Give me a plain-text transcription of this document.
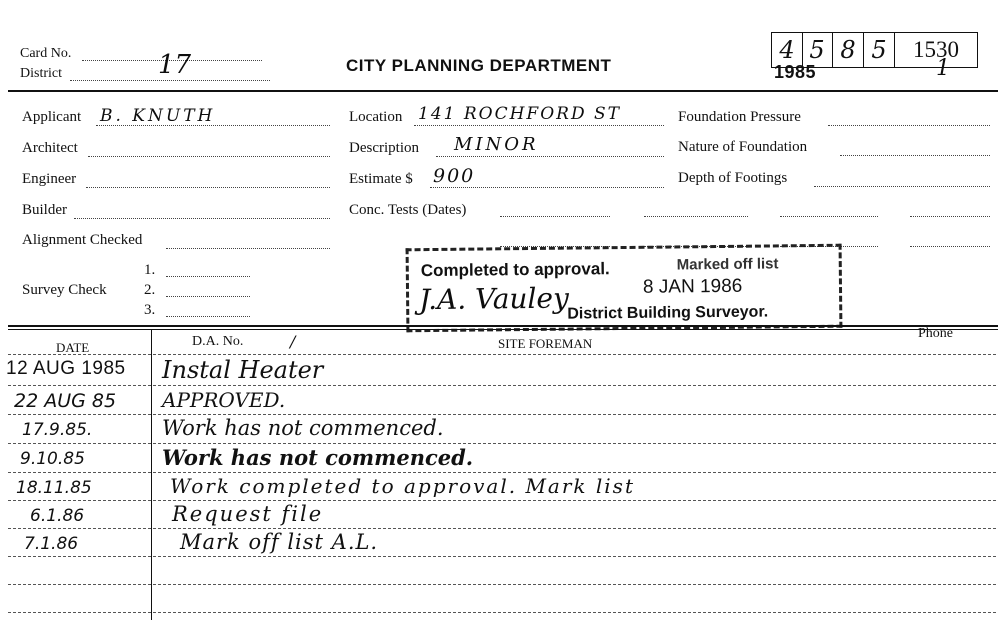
Card No.
District	17	CITY PLANNING DEPARTMENT
4 5 8 5	1530
1985	1
Applicant B. KNUTH
Architect
Engineer
Builder
Alignment Checked
Survey Check
1.
2.
3.
Location 141 ROCHFORD ST
Description MINOR
Estimate $ 900
Conc. Tests (Dates)
Foundation Pressure
Nature of Foundation
Depth of Footings
Completed to approval.	Marked off list
8 JAN 1986
J.A. Vauley
District Building Surveyor.
DATE	D.A. No.	/	SITE FOREMAN
Phone
12 AUG 1985 Instal Heater
22 AUG 85 APPROVED.
17.9.85.	Work has not commenced.
9.10.85	Work has not commenced.
18.11.85	Work completed to approval. Mark list
6.1.86	Request file
7.1.86	Mark off list A.L.
